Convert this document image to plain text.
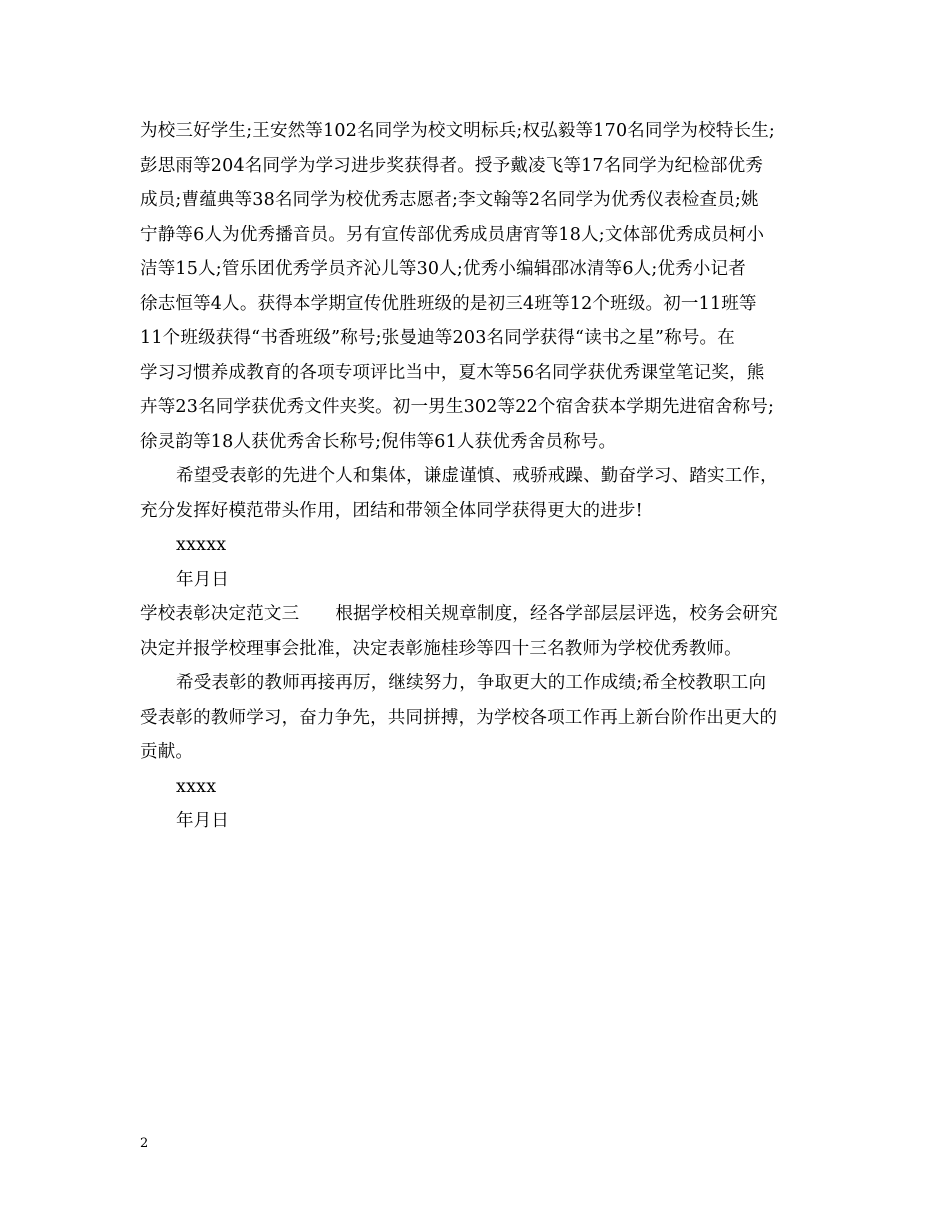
为校三好学生;王安然等102名同学为校文明标兵;权弘毅等170名同学为校特长生;
彭思雨等204名同学为学习进步奖获得者。授予戴凌飞等17名同学为纪检部优秀
成员;曹蕴典等38名同学为校优秀志愿者;李文翰等2名同学为优秀仪表检查员;姚
宁静等6人为优秀播音员。另有宣传部优秀成员唐宵等18人;文体部优秀成员柯小
洁等15人;管乐团优秀学员齐沁儿等30人;优秀小编辑邵冰清等6人;优秀小记者
徐志恒等4人。获得本学期宣传优胜班级的是初三4班等12个班级。初一11班等
11个班级获得“书香班级”称号;张曼迪等203名同学获得“读书之星”称号。在
学习习惯养成教育的各项专项评比当中，夏木等56名同学获优秀课堂笔记奖，熊
卉等23名同学获优秀文件夹奖。初一男生302等22个宿舍获本学期先进宿舍称号;
徐灵韵等18人获优秀舍长称号;倪伟等61人获优秀舍员称号。
希望受表彰的先进个人和集体，谦虚谨慎、戒骄戒躁、勤奋学习、踏实工作，
充分发挥好模范带头作用，团结和带领全体同学获得更大的进步!
xxxxx
年月日
学校表彰决定范文三 根据学校相关规章制度，经各学部层层评选，校务会研究
决定并报学校理事会批准，决定表彰施桂珍等四十三名教师为学校优秀教师。
希受表彰的教师再接再厉，继续努力，争取更大的工作成绩;希全校教职工向
受表彰的教师学习，奋力争先，共同拼搏，为学校各项工作再上新台阶作出更大的
贡献。
xxxx
年月日
2
